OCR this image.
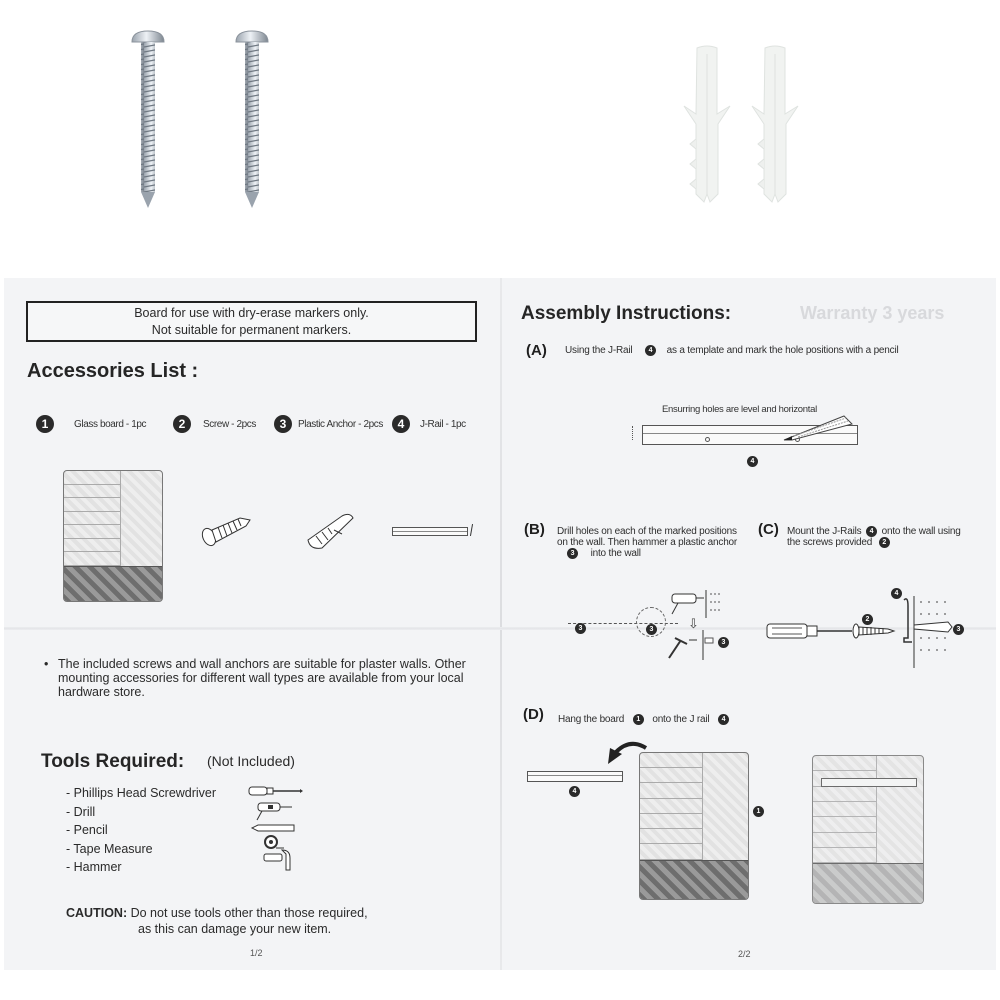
Board for use with dry-erase markers only.
Not suitable for permanent markers.
Accessories List :
1	Glass board - 1pc	2	Screw - 2pcs	3	Plastic Anchor - 2pcs	4	J-Rail - 1pc
• The included screws and wall anchors are suitable for plaster walls. Other mounting accessories for different wall types are available from your local hardware store.

Tools Required: (Not Included)
- Phillips Head Screwdriver
- Drill
- Pencil
- Tape Measure
- Hammer
CAUTION: Do not use tools other than those required,
as this can damage your new item.
1/2
Warranty 3 years
Assembly Instructions:
(A) Using the J-Rail 4 as a template and mark the hole positions with a pencil
Ensurring holes are level and horizontal
4
(B) Drill holes on each of the marked positions
on the wall. Then hammer a plastic anchor
3 into the wall
3	3	⇩
3
(C) Mount the J-Rails 4 onto the wall using
the screws provided 2
2
4
3
(D) Hang the board 1 onto the J rail 4
4
1
2/2
